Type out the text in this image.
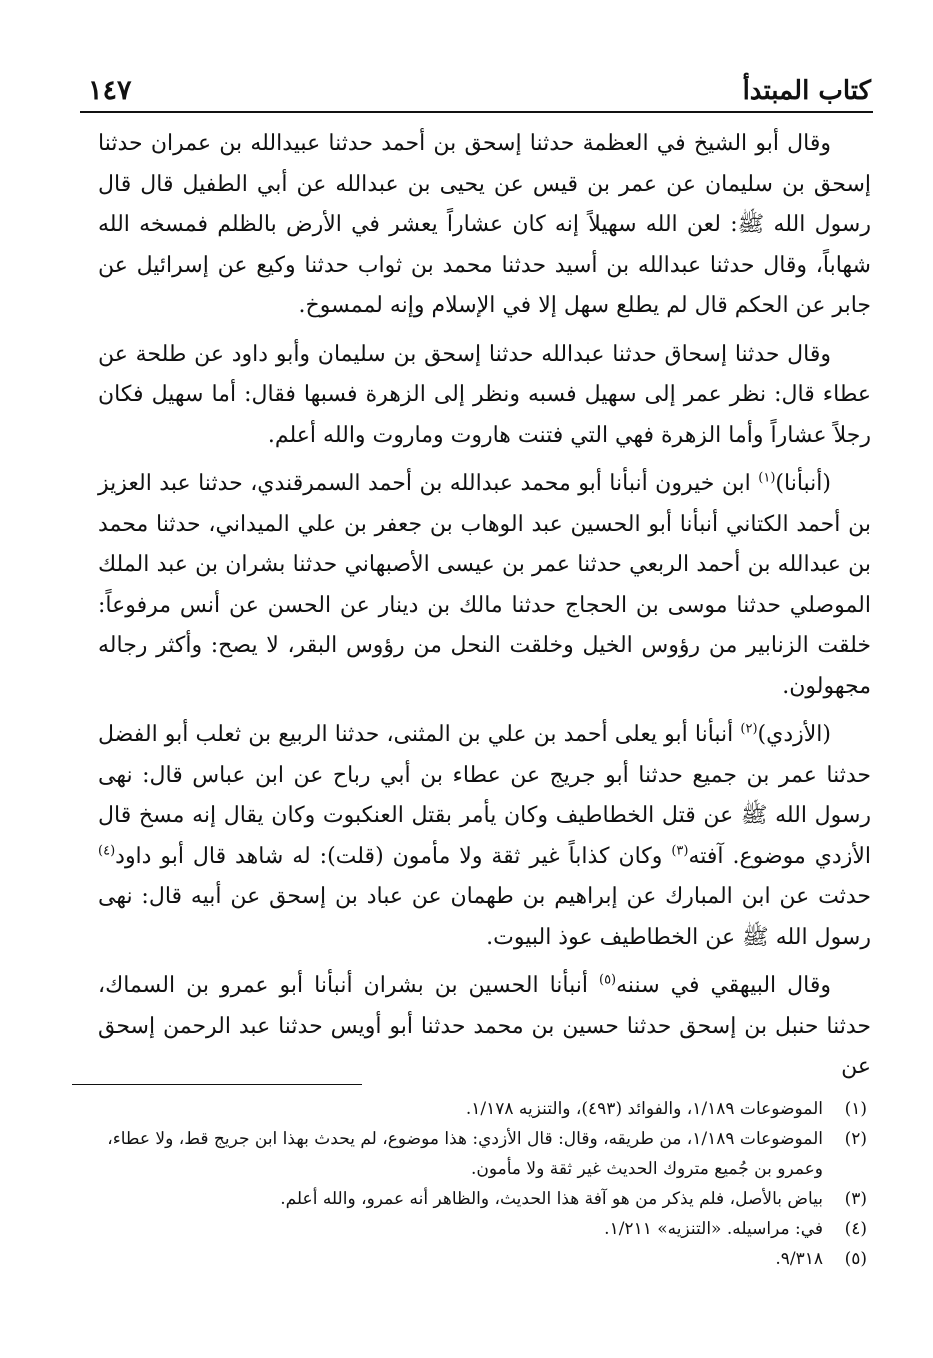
كتاب المبتدأ
١٤٧

وقال أبو الشيخ في العظمة حدثنا إسحق بن أحمد حدثنا عبيدالله بن عمران حدثنا إسحق بن سليمان عن عمر بن قيس عن يحيى بن عبدالله عن أبي الطفيل قال قال رسول الله ﷺ: لعن الله سهيلاً إنه كان عشاراً يعشر في الأرض بالظلم فمسخه الله شهاباً، وقال حدثنا عبدالله بن أسيد حدثنا محمد بن ثواب حدثنا وكيع عن إسرائيل عن جابر عن الحكم قال لم يطلع سهل إلا في الإسلام وإنه لممسوخ.

وقال حدثنا إسحاق حدثنا عبدالله حدثنا إسحق بن سليمان وأبو داود عن طلحة عن عطاء قال: نظر عمر إلى سهيل فسبه ونظر إلى الزهرة فسبها فقال: أما سهيل فكان رجلاً عشاراً وأما الزهرة فهي التي فتنت هاروت وماروت والله أعلم.

(أنبأنا)$^{(١)}$ ابن خيرون أنبأنا أبو محمد عبدالله بن أحمد السمرقندي، حدثنا عبد العزيز بن أحمد الكتاني أنبأنا أبو الحسين عبد الوهاب بن جعفر بن علي الميداني، حدثنا محمد بن عبدالله بن أحمد الربعي حدثنا عمر بن عيسى الأصبهاني حدثنا بشران بن عبد الملك الموصلي حدثنا موسى بن الحجاج حدثنا مالك بن دينار عن الحسن عن أنس مرفوعاً: خلقت الزنابير من رؤوس الخيل وخلقت النحل من رؤوس البقر، لا يصح: وأكثر رجاله مجهولون.

(الأزدي)$^{(٢)}$ أنبأنا أبو يعلى أحمد بن علي بن المثنى، حدثنا الربيع بن ثعلب أبو الفضل حدثنا عمر بن جميع حدثنا أبو جريج عن عطاء بن أبي رباح عن ابن عباس قال: نهى رسول الله ﷺ عن قتل الخطاطيف وكان يأمر بقتل العنكبوت وكان يقال إنه مسخ قال الأزدي موضوع. آفته$^{(٣)}$ وكان كذاباً غير ثقة ولا مأمون (قلت): له شاهد قال أبو داود$^{(٤)}$ حدثت عن ابن المبارك عن إبراهيم بن طهمان عن عباد بن إسحق عن أبيه قال: نهى رسول الله ﷺ عن الخطاطيف عوذ البيوت.

وقال البيهقي في سننه$^{(٥)}$ أنبأنا الحسين بن بشران أنبأنا أبو عمرو بن السماك، حدثنا حنبل بن إسحق حدثنا حسين بن محمد حدثنا أبو أويس حدثنا عبد الرحمن إسحق عن

(١)
الموضوعات ١/١٨٩، والفوائد (٤٩٣)، والتنزيه ١/١٧٨.
(٢)
الموضوعات ١/١٨٩، من طريقه، وقال: قال الأزدي: هذا موضوع، لم يحدث بهذا ابن جريج قط، ولا عطاء، وعمرو بن جُميع متروك الحديث غير ثقة ولا مأمون.
(٣)
بياض بالأصل، فلم يذكر من هو آفة هذا الحديث، والظاهر أنه عمرو، والله أعلم.
(٤)
في: مراسيله. «التنزيه» ١/٢١١.
(٥)
٩/٣١٨.
